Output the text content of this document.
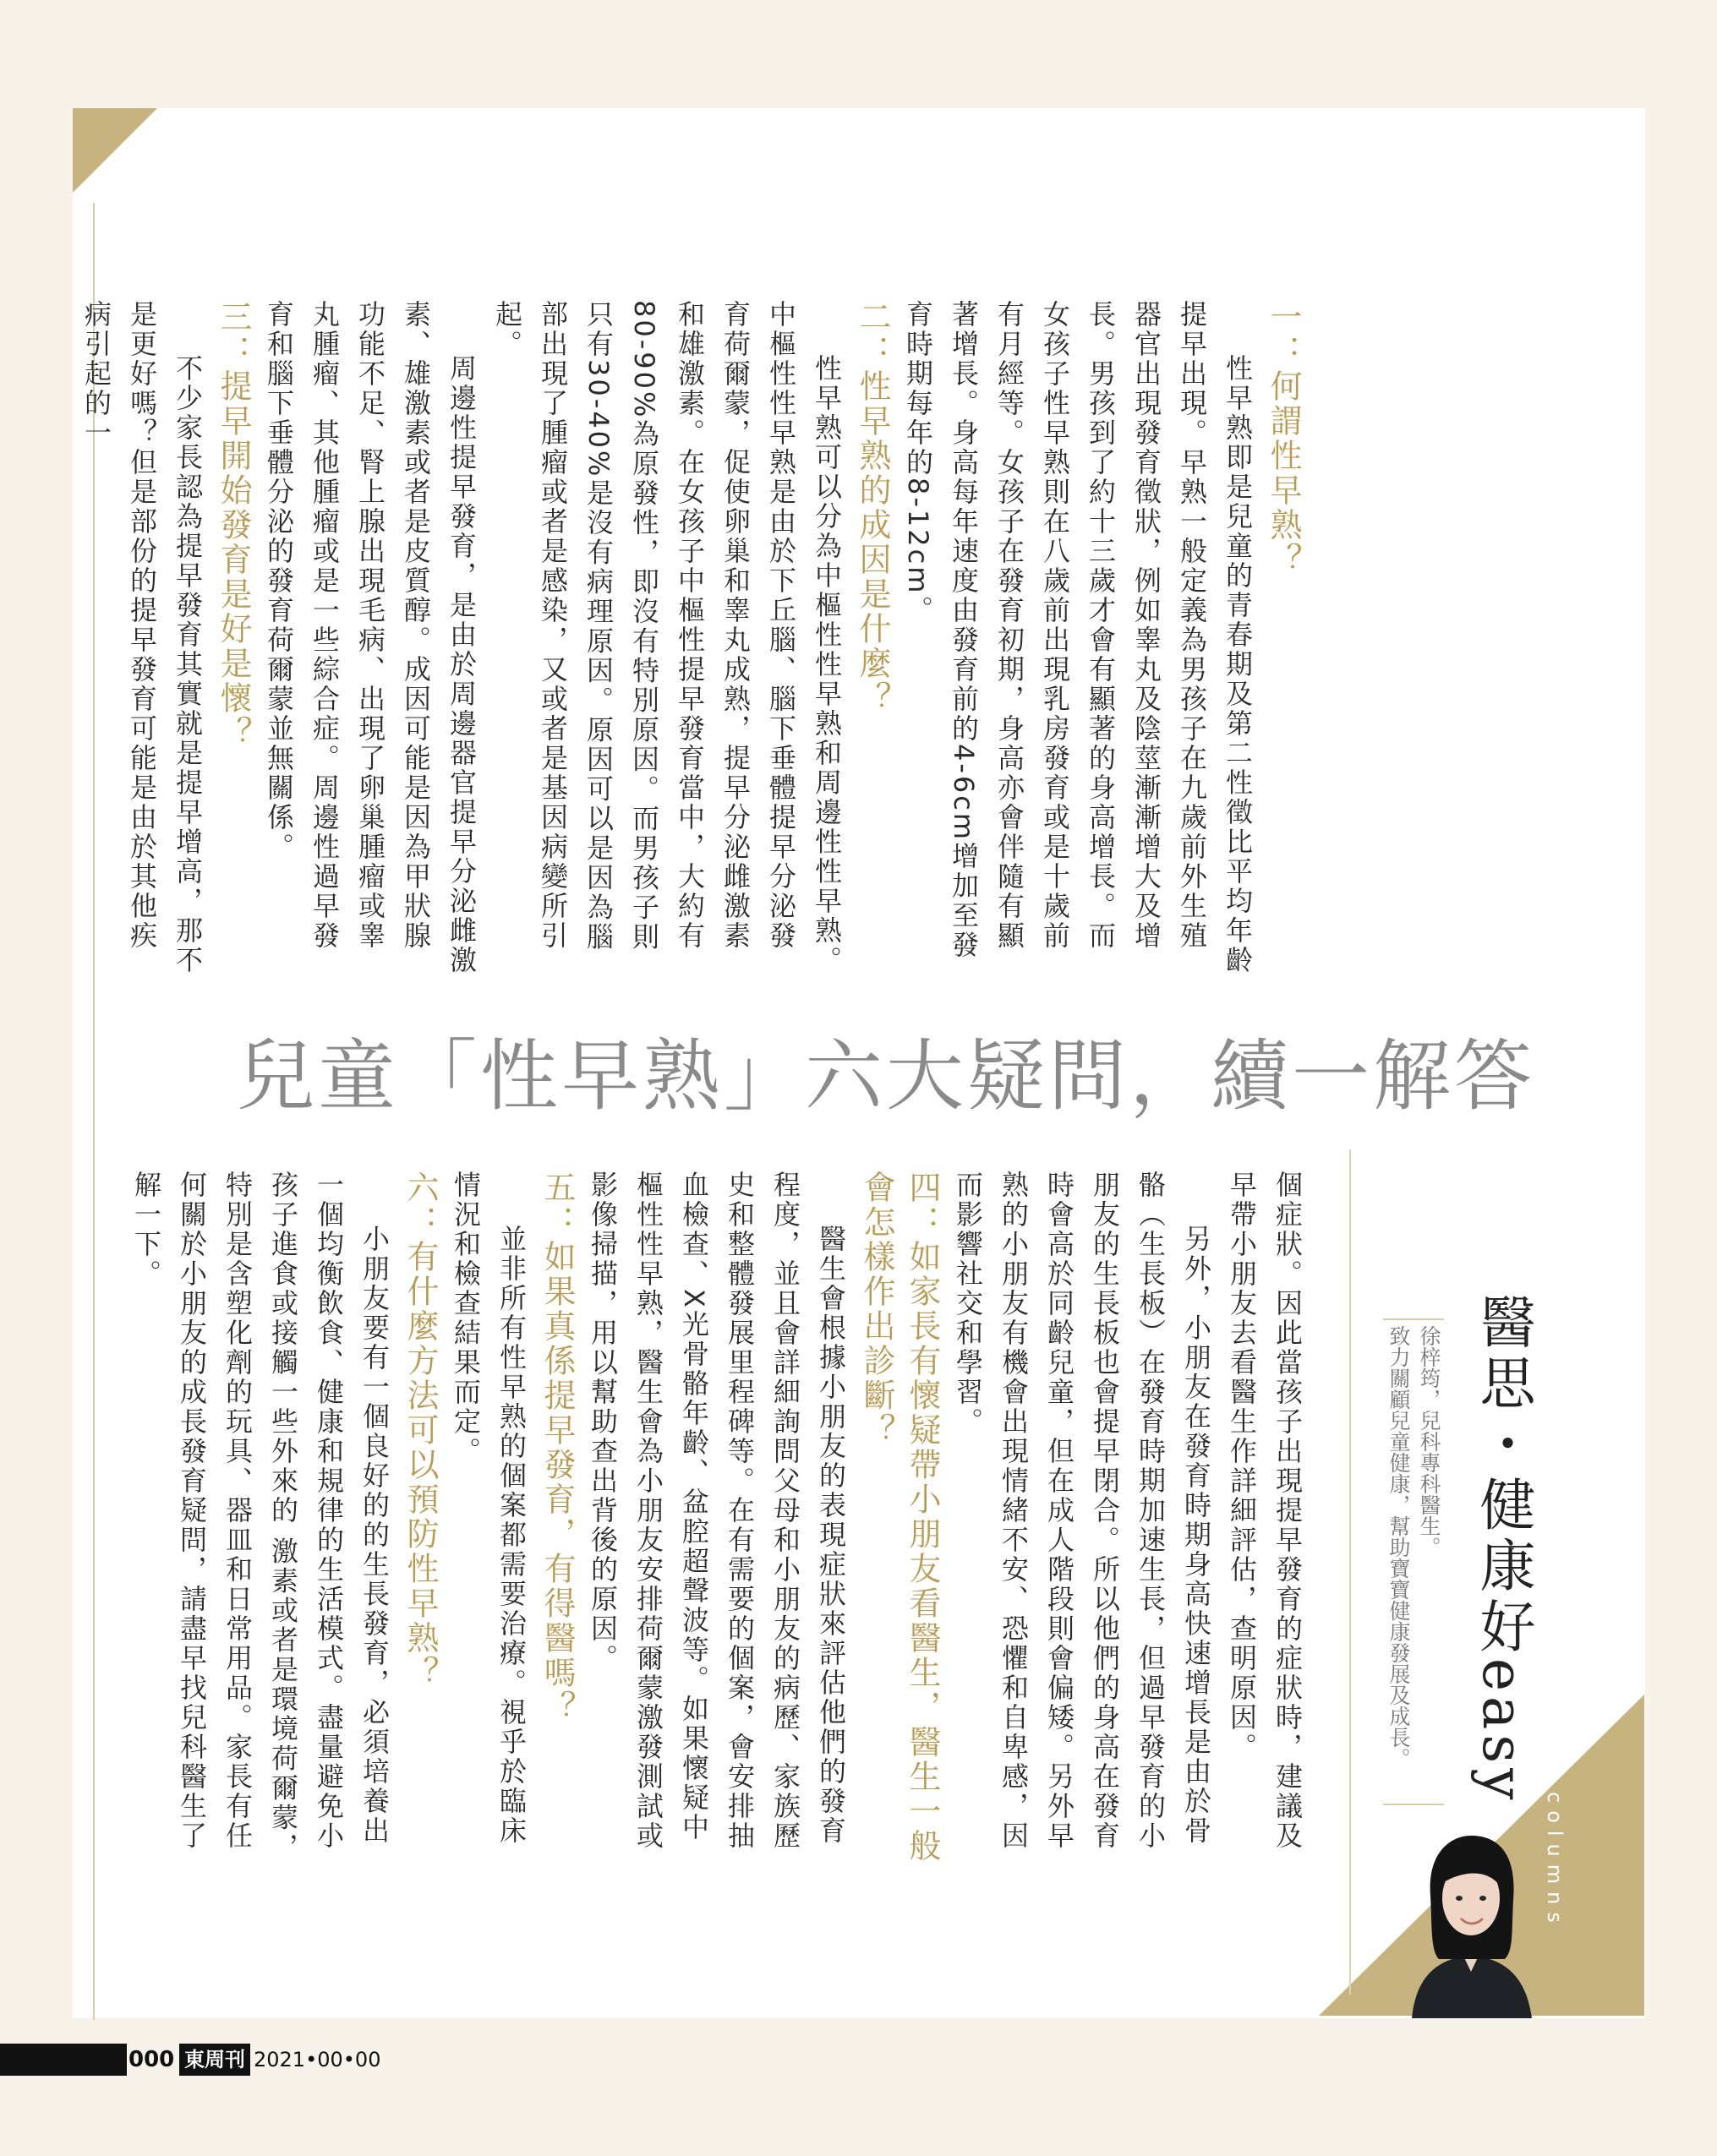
一：何謂性早熟？

性早熟即是兒童的青春期及第二性徵比平均年齡提早出現。早熟一般定義為男孩子在九歲前外生殖器官出現發育徵狀，例如睾丸及陰莖漸漸增大及增長。男孩到了約十三歲才會有顯著的身高增長。而女孩子性早熟則在八歲前出現乳房發育或是十歲前有月經等。女孩子在發育初期，身高亦會伴隨有顯著增長。身高每年速度由發育前的4-6cm增加至發育時期每年的8-12cm。

二：性早熟的成因是什麼？

性早熟可以分為中樞性性早熟和周邊性性早熟。中樞性性早熟是由於下丘腦、腦下垂體提早分泌發育荷爾蒙，促使卵巢和睾丸成熟，提早分泌雌激素和雄激素。在女孩子中樞性提早發育當中，大約有80-90%為原發性，即沒有特別原因。而男孩子則只有30-40%是沒有病理原因。原因可以是因為腦部出現了腫瘤或者是感染，又或者是基因病變所引起。

周邊性提早發育，是由於周邊器官提早分泌雌激素、雄激素或者是皮質醇。成因可能是因為甲狀腺功能不足、腎上腺出現毛病、出現了卵巢腫瘤或睾丸腫瘤、其他腫瘤或是一些綜合症。周邊性過早發育和腦下垂體分泌的發育荷爾蒙並無關係。

三：提早開始發育是好是懷？

不少家長認為提早發育其實就是提早增高，那不是更好嗎？但是部份的提早發育可能是由於其他疾病引起的一

兒童「性早熟」六大疑問，續一解答

個症狀。因此當孩子出現提早發育的症狀時，建議及早帶小朋友去看醫生作詳細評估，查明原因。

另外，小朋友在發育時期身高快速增長是由於骨骼（生長板）在發育時期加速生長，但過早發育的小朋友的生長板也會提早閉合。所以他們的身高在發育時會高於同齡兒童，但在成人階段則會偏矮。另外早熟的小朋友有機會出現情緒不安、恐懼和自卑感，因而影響社交和學習。

四：如家長有懷疑帶小朋友看醫生，醫生一般會怎樣作出診斷？

醫生會根據小朋友的表現症狀來評估他們的發育程度，並且會詳細詢問父母和小朋友的病歷、家族歷史和整體發展里程碑等。在有需要的個案，會安排抽血檢查、X光骨骼年齡、盆腔超聲波等。如果懷疑中樞性性早熟，醫生會為小朋友安排荷爾蒙激發測試或影像掃描，用以幫助查出背後的原因。

五：如果真係提早發育，有得醫嗎？

並非所有性早熟的個案都需要治療。視乎於臨床情況和檢查結果而定。

六：有什麼方法可以預防性早熟？

小朋友要有一個良好的的生長發育，必須培養出一個均衡飲食、健康和規律的生活模式。盡量避免小孩子進食或接觸一些外來的 激素或者是環境荷爾蒙，特別是含塑化劑的玩具、器皿和日常用品。家長有任何關於小朋友的成長發育疑問，請盡早找兒科醫生了解一下。

醫思・健康好easy
徐梓筠，兒科專科醫生。
致力關顧兒童健康，幫助寶寶健康發展及成長。
columns
000 東周刊 2021•00•00
